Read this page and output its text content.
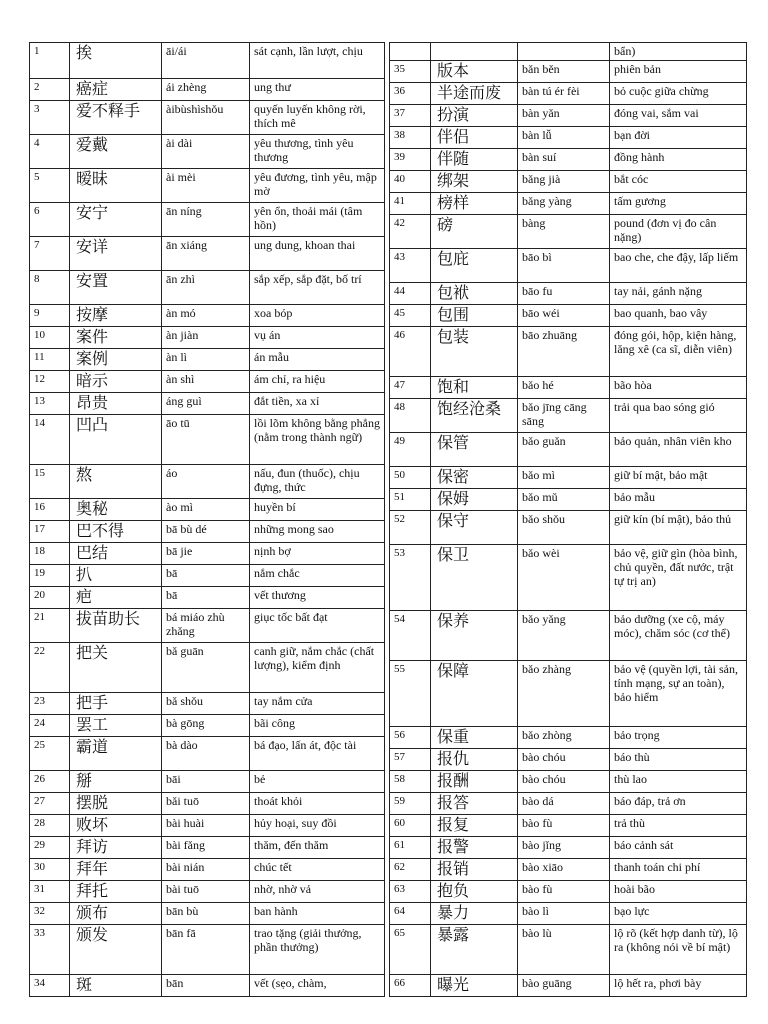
1	挨	āi/ái	sát cạnh, lần lượt, chịu
2	癌症	ái zhèng	ung thư
3	爱不释手	àibùshìshǒu	quyến luyến không rời, thích mê
4	爱戴	ài dài	yêu thương, tình yêu thương
5	暧昧	ài mèi	yêu đương, tình yêu, mập mờ
6	安宁	ān níng	yên ổn, thoải mái (tâm hồn)
7	安详	ān xiáng	ung dung, khoan thai
8	安置	ān zhì	sắp xếp, sắp đặt, bố trí
9	按摩	àn mó	xoa bóp
10	案件	àn jiàn	vụ án
11	案例	àn lì	án mẫu
12	暗示	àn shì	ám chỉ, ra hiệu
13	昂贵	áng guì	đắt tiền, xa xỉ
14	凹凸	āo tū	lồi lõm không bằng phẳng (nằm trong thành ngữ)
15	熬	áo	nấu, đun (thuốc), chịu đựng, thức
16	奥秘	ào mì	huyền bí
17	巴不得	bā bù dé	những mong sao
18	巴结	bā jie	nịnh bợ
19	扒	bā	nắm chắc
20	疤	bā	vết thương
21	拔苗助长	bá miáo zhù zhǎng	giục tốc bất đạt
22	把关	bǎ guān	canh giữ, nắm chắc (chất lượng), kiểm định
23	把手	bǎ shǒu	tay nắm cửa
24	罢工	bà gōng	bãi công
25	霸道	bà dào	bá đạo, lấn át, độc tài
26	掰	bāi	bẻ
27	摆脱	bǎi tuō	thoát khỏi
28	败坏	bài huài	hủy hoại, suy đồi
29	拜访	bài fǎng	thăm, đến thăm
30	拜年	bài nián	chúc tết
31	拜托	bài tuō	nhờ, nhờ vả
32	颁布	bān bù	ban hành
33	颁发	bān fā	trao tặng (giải thưởng, phần thưởng)
34	斑	bān	vết (sẹo, chàm,
			bẩn)
35	版本	bǎn běn	phiên bản
36	半途而废	bàn tú ér fèi	bỏ cuộc giữa chừng
37	扮演	bàn yǎn	đóng vai, sắm vai
38	伴侣	bàn lǚ	bạn đời
39	伴随	bàn suí	đồng hành
40	绑架	bǎng jià	bắt cóc
41	榜样	bǎng yàng	tấm gương
42	磅	bàng	pound (đơn vị đo cân nặng)
43	包庇	bāo bì	bao che, che đậy, lấp liếm
44	包袱	bāo fu	tay nải, gánh nặng
45	包围	bāo wéi	bao quanh, bao vây
46	包装	bāo zhuāng	đóng gói, hộp, kiện hàng, lăng xê (ca sĩ, diễn viên)
47	饱和	bǎo hé	bão hòa
48	饱经沧桑	bǎo jīng cāng sāng	trải qua bao sóng gió
49	保管	bǎo guǎn	bảo quản, nhân viên kho
50	保密	bǎo mì	giữ bí mật, bảo mật
51	保姆	bǎo mǔ	bảo mẫu
52	保守	bǎo shǒu	giữ kín (bí mật), bảo thủ
53	保卫	bǎo wèi	bảo vệ, giữ gìn (hòa bình, chủ quyền, đất nước, trật tự trị an)
54	保养	bǎo yǎng	bảo dưỡng (xe cộ, máy móc), chăm sóc (cơ thể)
55	保障	bǎo zhàng	bảo vệ (quyền lợi, tài sản, tính mạng, sự an toàn), bảo hiểm
56	保重	bǎo zhòng	bảo trọng
57	报仇	bào chóu	báo thù
58	报酬	bào chóu	thù lao
59	报答	bào dá	báo đáp, trả ơn
60	报复	bào fù	trả thù
61	报警	bào jǐng	báo cảnh sát
62	报销	bào xiāo	thanh toán chi phí
63	抱负	bào fù	hoài bão
64	暴力	bào lì	bạo lực
65	暴露	bào lù	lộ rõ (kết hợp danh từ), lộ ra (không nói về bí mật)
66	曝光	bào guāng	lộ hết ra, phơi bày
